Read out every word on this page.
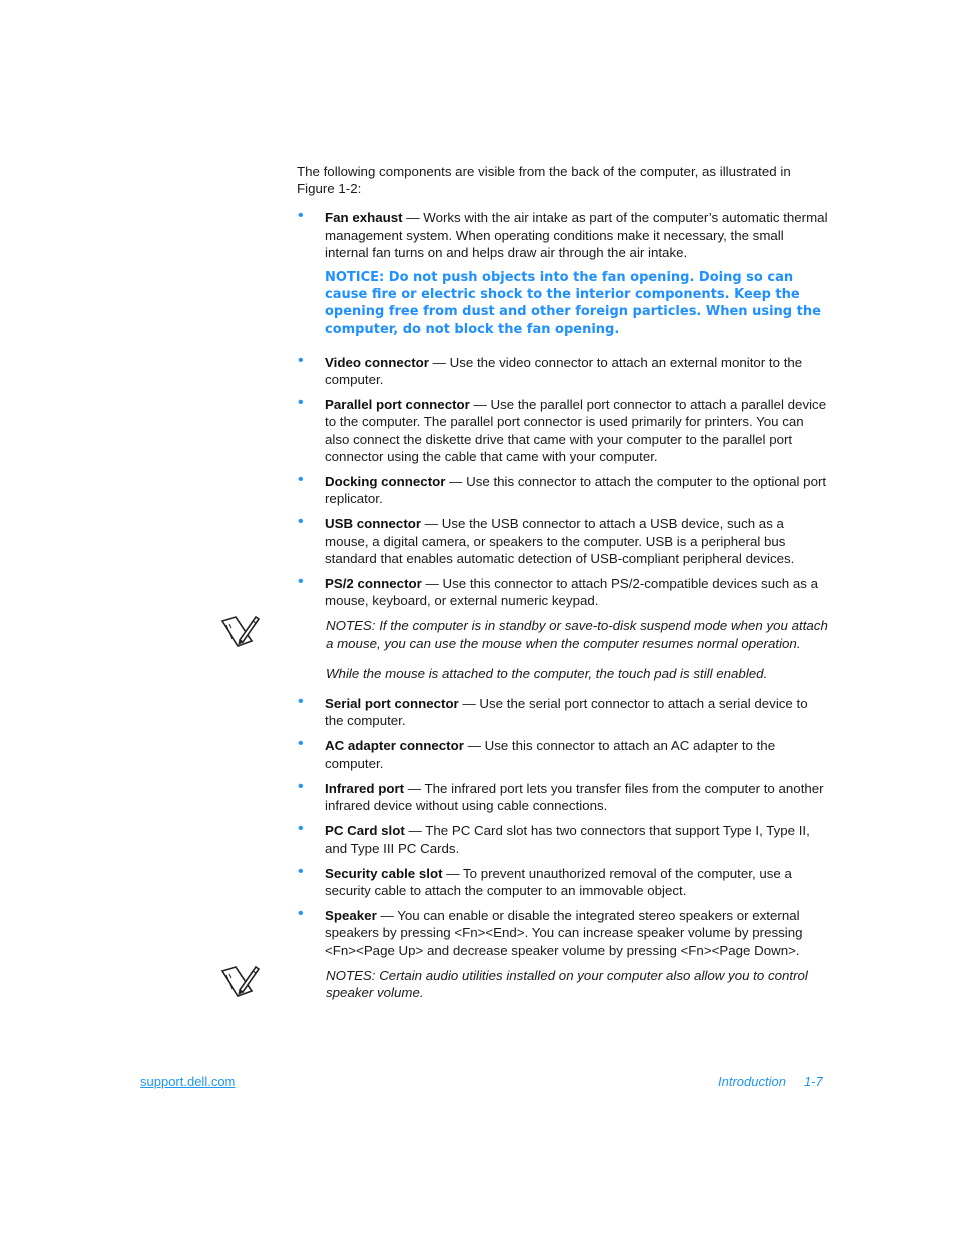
The following components are visible from the back of the computer, as illustrated in Figure 1-2:

• Fan exhaust — Works with the air intake as part of the computer’s automatic thermal management system. When operating conditions make it necessary, the small internal fan turns on and helps draw air through the air intake.

NOTICE: Do not push objects into the fan opening. Doing so can cause fire or electric shock to the interior components. Keep the opening free from dust and other foreign particles. When using the computer, do not block the fan opening.

• Video connector — Use the video connector to attach an external monitor to the computer.
• Parallel port connector — Use the parallel port connector to attach a parallel device to the computer. The parallel port connector is used primarily for printers. You can also connect the diskette drive that came with your computer to the parallel port connector using the cable that came with your computer.
• Docking connector — Use this connector to attach the computer to the optional port replicator.
• USB connector — Use the USB connector to attach a USB device, such as a mouse, a digital camera, or speakers to the computer. USB is a peripheral bus standard that enables automatic detection of USB-compliant peripheral devices.
• PS/2 connector — Use this connector to attach PS/2-compatible devices such as a mouse, keyboard, or external numeric keypad.

NOTES: If the computer is in standby or save-to-disk suspend mode when you attach a mouse, you can use the mouse when the computer resumes normal operation.

While the mouse is attached to the computer, the touch pad is still enabled.

• Serial port connector — Use the serial port connector to attach a serial device to the computer.
• AC adapter connector — Use this connector to attach an AC adapter to the computer.
• Infrared port — The infrared port lets you transfer files from the computer to another infrared device without using cable connections.
• PC Card slot — The PC Card slot has two connectors that support Type I, Type II, and Type III PC Cards.
• Security cable slot — To prevent unauthorized removal of the computer, use a security cable to attach the computer to an immovable object.
• Speaker — You can enable or disable the integrated stereo speakers or external speakers by pressing <Fn><End>. You can increase speaker volume by pressing <Fn><Page Up> and decrease speaker volume by pressing <Fn><Page Down>.

NOTES: Certain audio utilities installed on your computer also allow you to control speaker volume.

support.dell.com	Introduction 1-7
